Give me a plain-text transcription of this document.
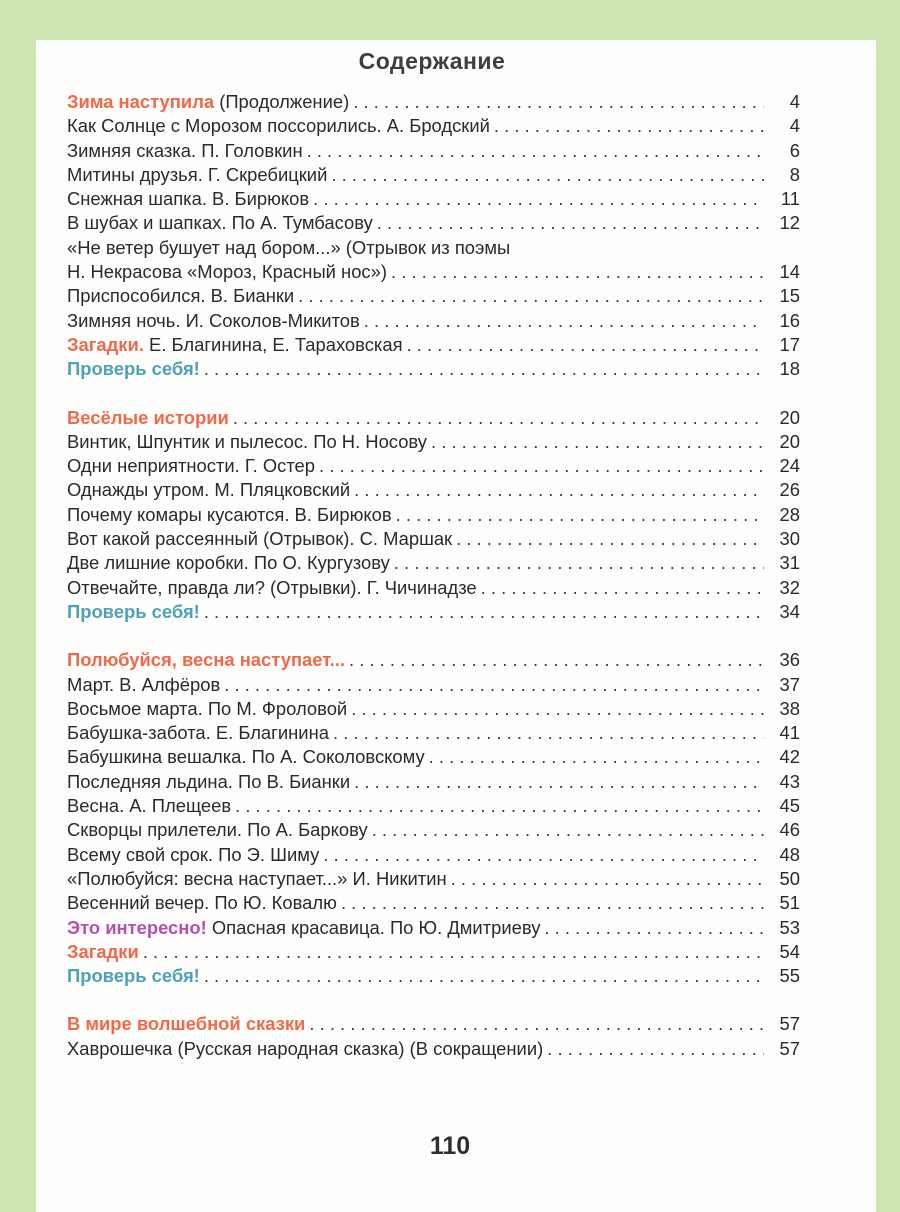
Содержание
Зима наступила (Продолжение) . . .	4
Как Солнце с Морозом поссорились. А. Бродский . . .	4
Зимняя сказка. П. Головкин . . .	6
Митины друзья. Г. Скребицкий . . .	8
Снежная шапка. В. Бирюков . . .	11
В шубах и шапках. По А. Тумбасову . . .	12
«Не ветер бушует над бором...» (Отрывок из поэмы
Н. Некрасова «Мороз, Красный нос») . . .	14
Приспособился. В. Бианки . . .	15
Зимняя ночь. И. Соколов-Микитов . . .	16
Загадки. Е. Благинина, Е. Тараховская . . .	17
Проверь себя! . . .	18
Весёлые истории . . .	20
Винтик, Шпунтик и пылесос. По Н. Носову . . .	20
Одни неприятности. Г. Остер . . .	24
Однажды утром. М. Пляцковский . . .	26
Почему комары кусаются. В. Бирюков . . .	28
Вот какой рассеянный (Отрывок). С. Маршак . . .	30
Две лишние коробки. По О. Кургузову . . .	31
Отвечайте, правда ли? (Отрывки). Г. Чичинадзе . . .	32
Проверь себя! . . .	34
Полюбуйся, весна наступает... . . .	36
Март. В. Алфёров . . .	37
Восьмое марта. По М. Фроловой . . .	38
Бабушка-забота. Е. Благинина . . .	41
Бабушкина вешалка. По А. Соколовскому . . .	42
Последняя льдина. По В. Бианки . . .	43
Весна. А. Плещеев . . .	45
Скворцы прилетели. По А. Баркову . . .	46
Всему свой срок. По Э. Шиму . . .	48
«Полюбуйся: весна наступает...» И. Никитин . . .	50
Весенний вечер. По Ю. Ковалю . . .	51
Это интересно! Опасная красавица. По Ю. Дмитриеву . . .	53
Загадки . . .	54
Проверь себя! . . .	55
В мире волшебной сказки . . .	57
Хаврошечка (Русская народная сказка) (В сокращении) . . .	57
110
